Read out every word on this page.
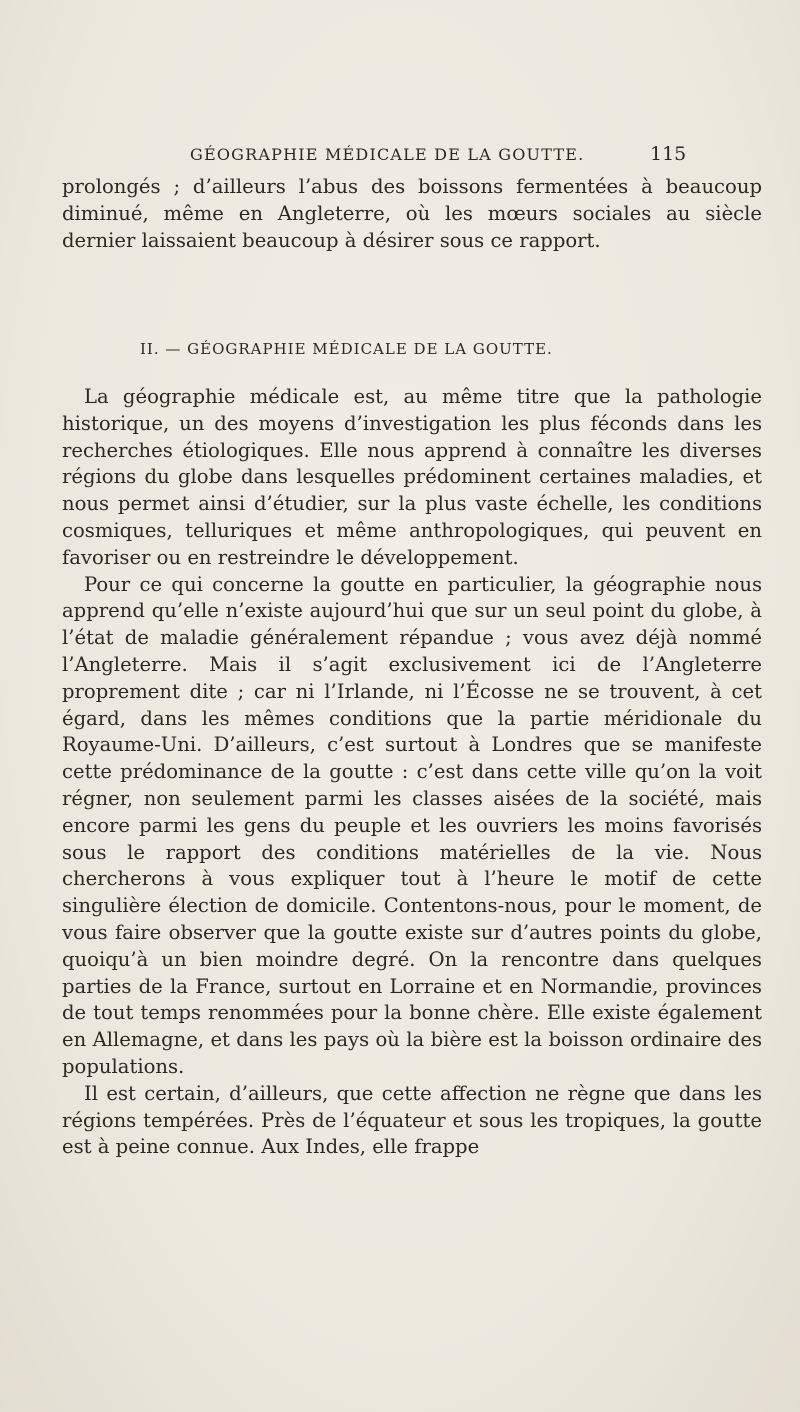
GÉOGRAPHIE MÉDICALE DE LA GOUTTE.	115

prolongés ; d’ailleurs l’abus des boissons fermentées à beaucoup diminué, même en Angleterre, où les mœurs sociales au siècle dernier laissaient beaucoup à désirer sous ce rapport.

II. — GÉOGRAPHIE MÉDICALE DE LA GOUTTE.

La géographie médicale est, au même titre que la pathologie historique, un des moyens d’investigation les plus féconds dans les recherches étiologiques. Elle nous apprend à connaître les diverses régions du globe dans lesquelles prédominent certaines maladies, et nous permet ainsi d’étudier, sur la plus vaste échelle, les conditions cosmiques, telluriques et même anthropologiques, qui peuvent en favoriser ou en restreindre le développement.

Pour ce qui concerne la goutte en particulier, la géographie nous apprend qu’elle n’existe aujourd’hui que sur un seul point du globe, à l’état de maladie généralement répandue ; vous avez déjà nommé l’Angleterre. Mais il s’agit exclusivement ici de l’Angleterre proprement dite ; car ni l’Irlande, ni l’Écosse ne se trouvent, à cet égard, dans les mêmes conditions que la partie méridionale du Royaume-Uni. D’ailleurs, c’est surtout à Londres que se manifeste cette prédominance de la goutte : c’est dans cette ville qu’on la voit régner, non seulement parmi les classes aisées de la société, mais encore parmi les gens du peuple et les ouvriers les moins favorisés sous le rapport des conditions matérielles de la vie. Nous chercherons à vous expliquer tout à l’heure le motif de cette singulière élection de domicile. Contentons-nous, pour le moment, de vous faire observer que la goutte existe sur d’autres points du globe, quoiqu’à un bien moindre degré. On la rencontre dans quelques parties de la France, surtout en Lorraine et en Normandie, provinces de tout temps renommées pour la bonne chère. Elle existe également en Allemagne, et dans les pays où la bière est la boisson ordinaire des populations.

Il est certain, d’ailleurs, que cette affection ne règne que dans les régions tempérées. Près de l’équateur et sous les tropiques, la goutte est à peine connue. Aux Indes, elle frappe
